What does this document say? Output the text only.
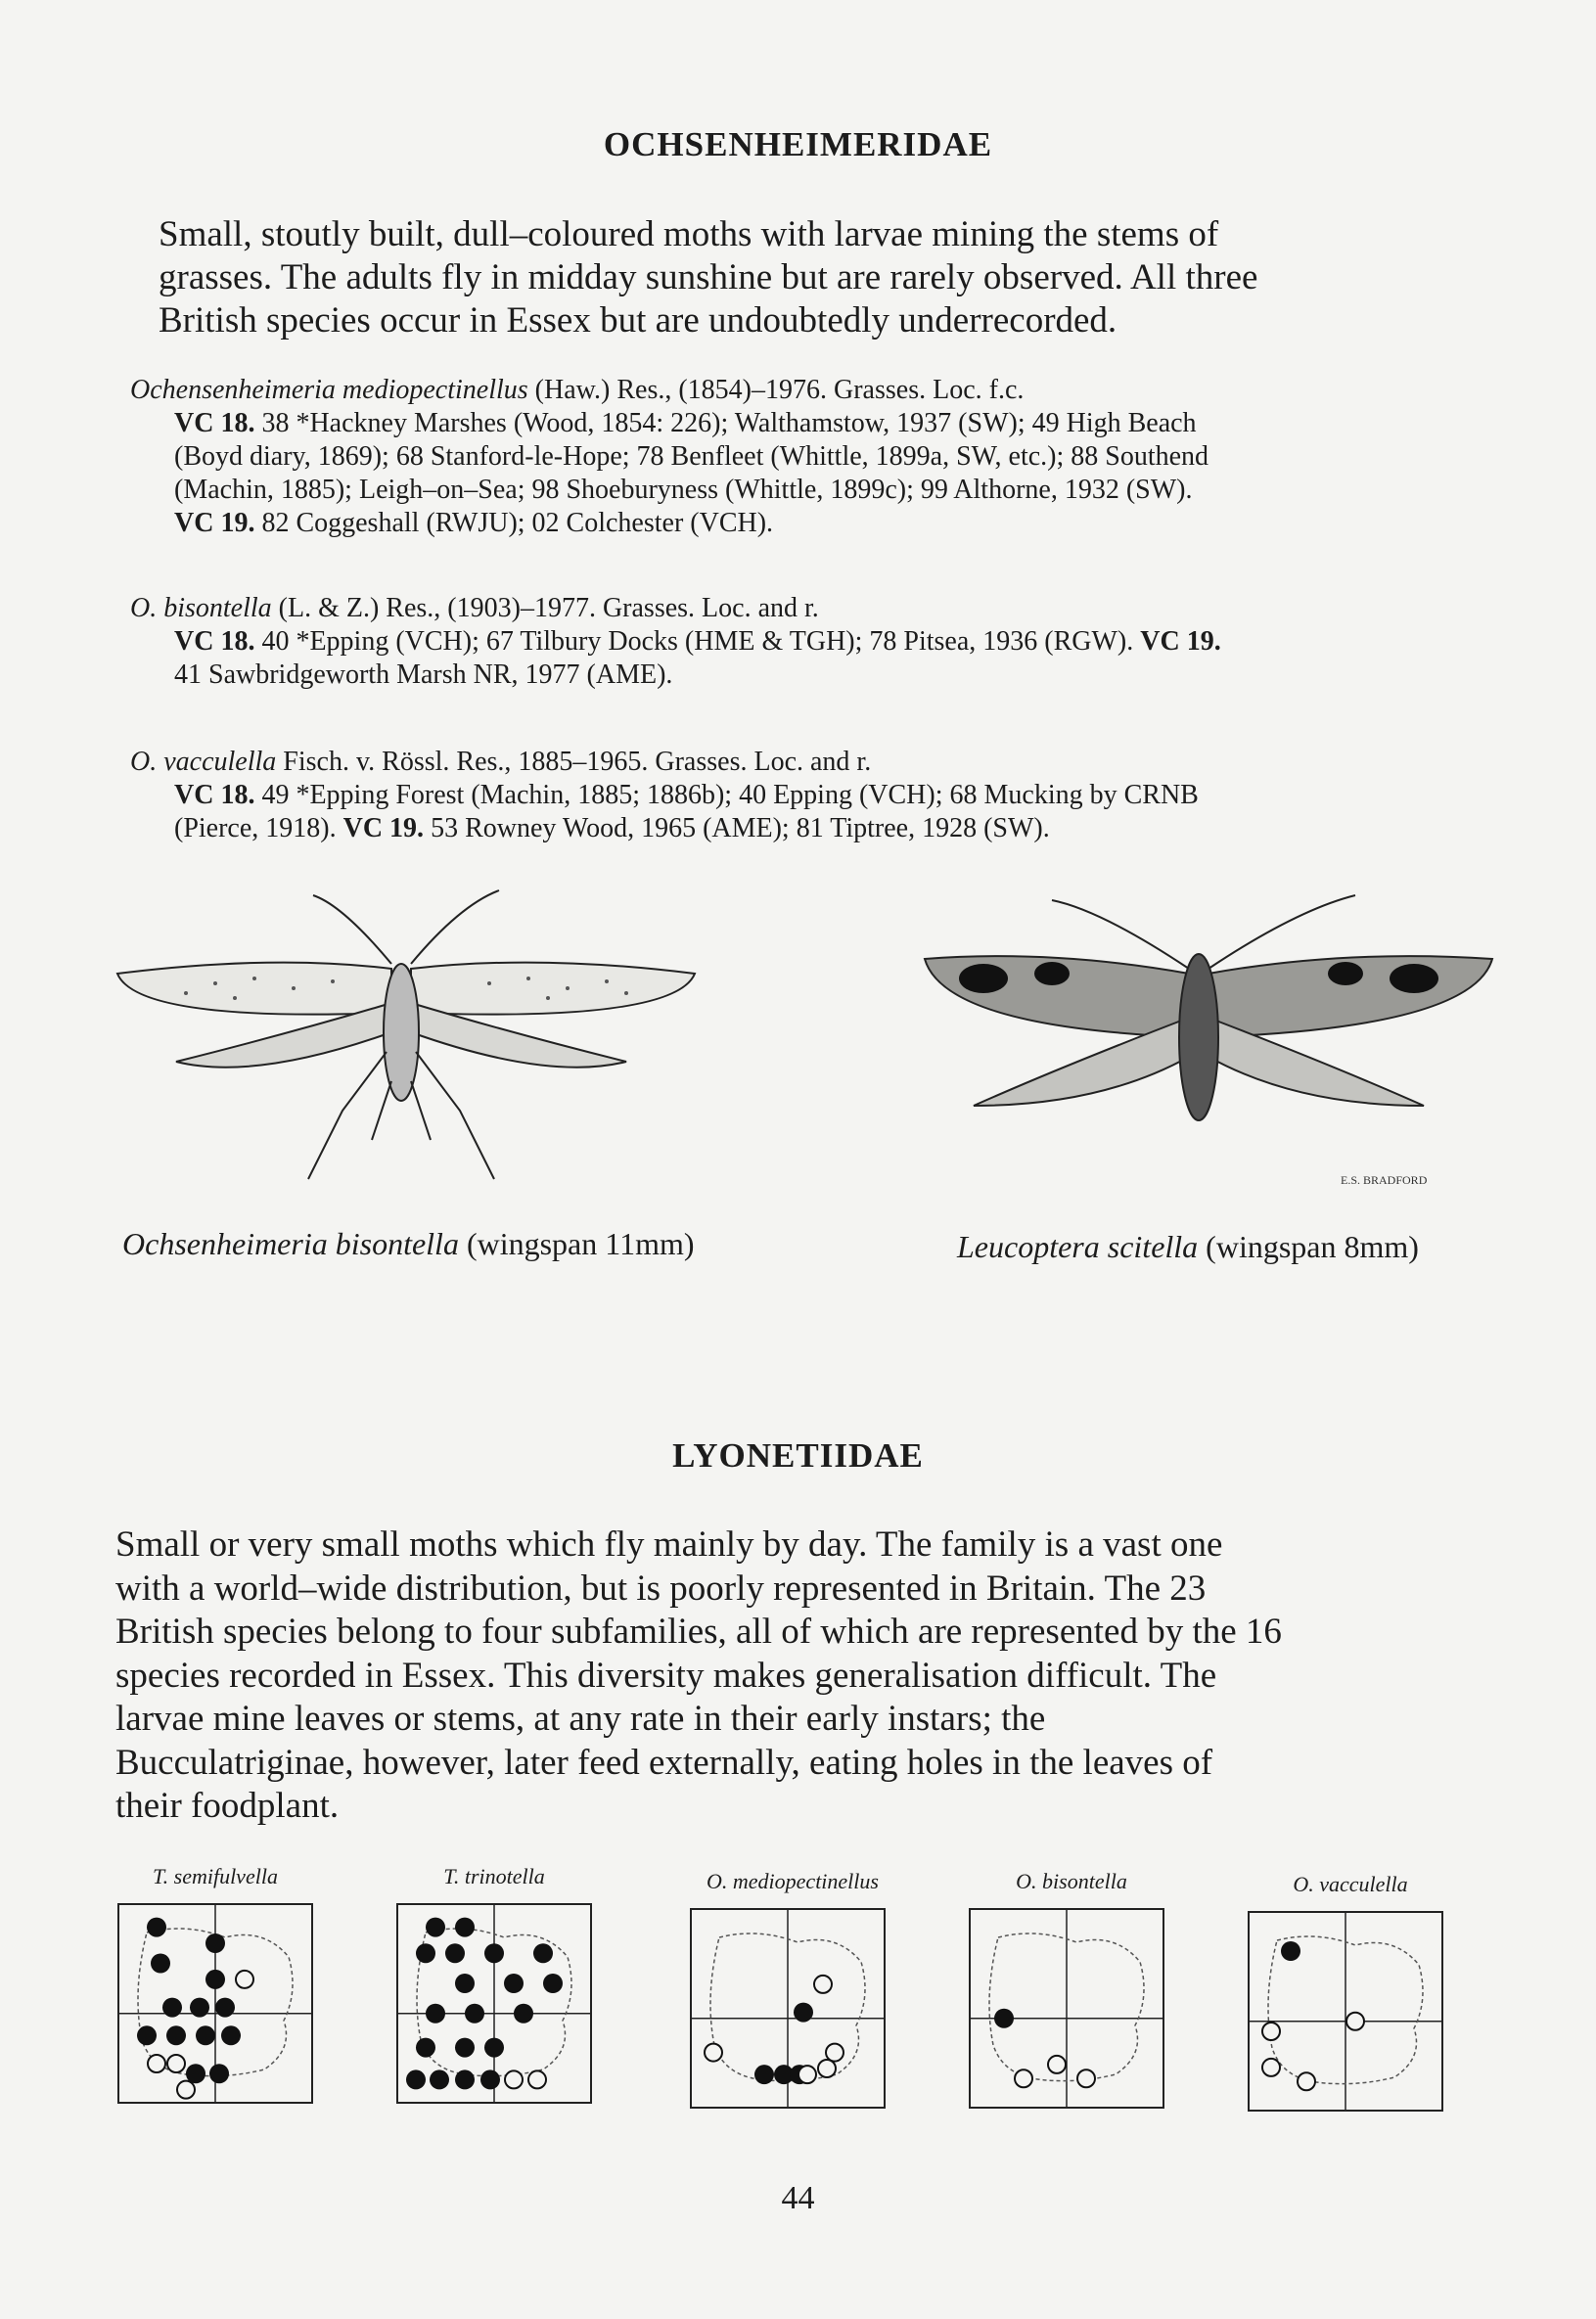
OCHSENHEIMERIDAE
Small, stoutly built, dull–coloured moths with larvae mining the stems of
grasses. The adults fly in midday sunshine but are rarely observed. All three
British species occur in Essex but are undoubtedly underrecorded.
Ochensenheimeria mediopectinellus (Haw.) Res., (1854)–1976. Grasses. Loc. f.c.
VC 18. 38 *Hackney Marshes (Wood, 1854: 226); Walthamstow, 1937 (SW); 49 High Beach
(Boyd diary, 1869); 68 Stanford-le-Hope; 78 Benfleet (Whittle, 1899a, SW, etc.); 88 Southend
(Machin, 1885); Leigh–on–Sea; 98 Shoeburyness (Whittle, 1899c); 99 Althorne, 1932 (SW).
VC 19. 82 Coggeshall (RWJU); 02 Colchester (VCH).
O. bisontella (L. & Z.) Res., (1903)–1977. Grasses. Loc. and r.
VC 18. 40 *Epping (VCH); 67 Tilbury Docks (HME & TGH); 78 Pitsea, 1936 (RGW). VC 19.
41 Sawbridgeworth Marsh NR, 1977 (AME).
O. vacculella Fisch. v. Rössl. Res., 1885–1965. Grasses. Loc. and r.
VC 18. 49 *Epping Forest (Machin, 1885; 1886b); 40 Epping (VCH); 68 Mucking by CRNB
(Pierce, 1918). VC 19. 53 Rowney Wood, 1965 (AME); 81 Tiptree, 1928 (SW).
E.S. BRADFORD
Ochsenheimeria bisontella (wingspan 11mm)	Leucoptera scitella (wingspan 8mm)
LYONETIIDAE
Small or very small moths which fly mainly by day. The family is a vast one
with a world–wide distribution, but is poorly represented in Britain. The 23
British species belong to four subfamilies, all of which are represented by the 16
species recorded in Essex. This diversity makes generalisation difficult. The
larvae mine leaves or stems, at any rate in their early instars; the
Bucculatriginae, however, later feed externally, eating holes in the leaves of
their foodplant.
T. semifulvella	T. trinotella	O. mediopectinellus	O. bisontella	O. vacculella
44
